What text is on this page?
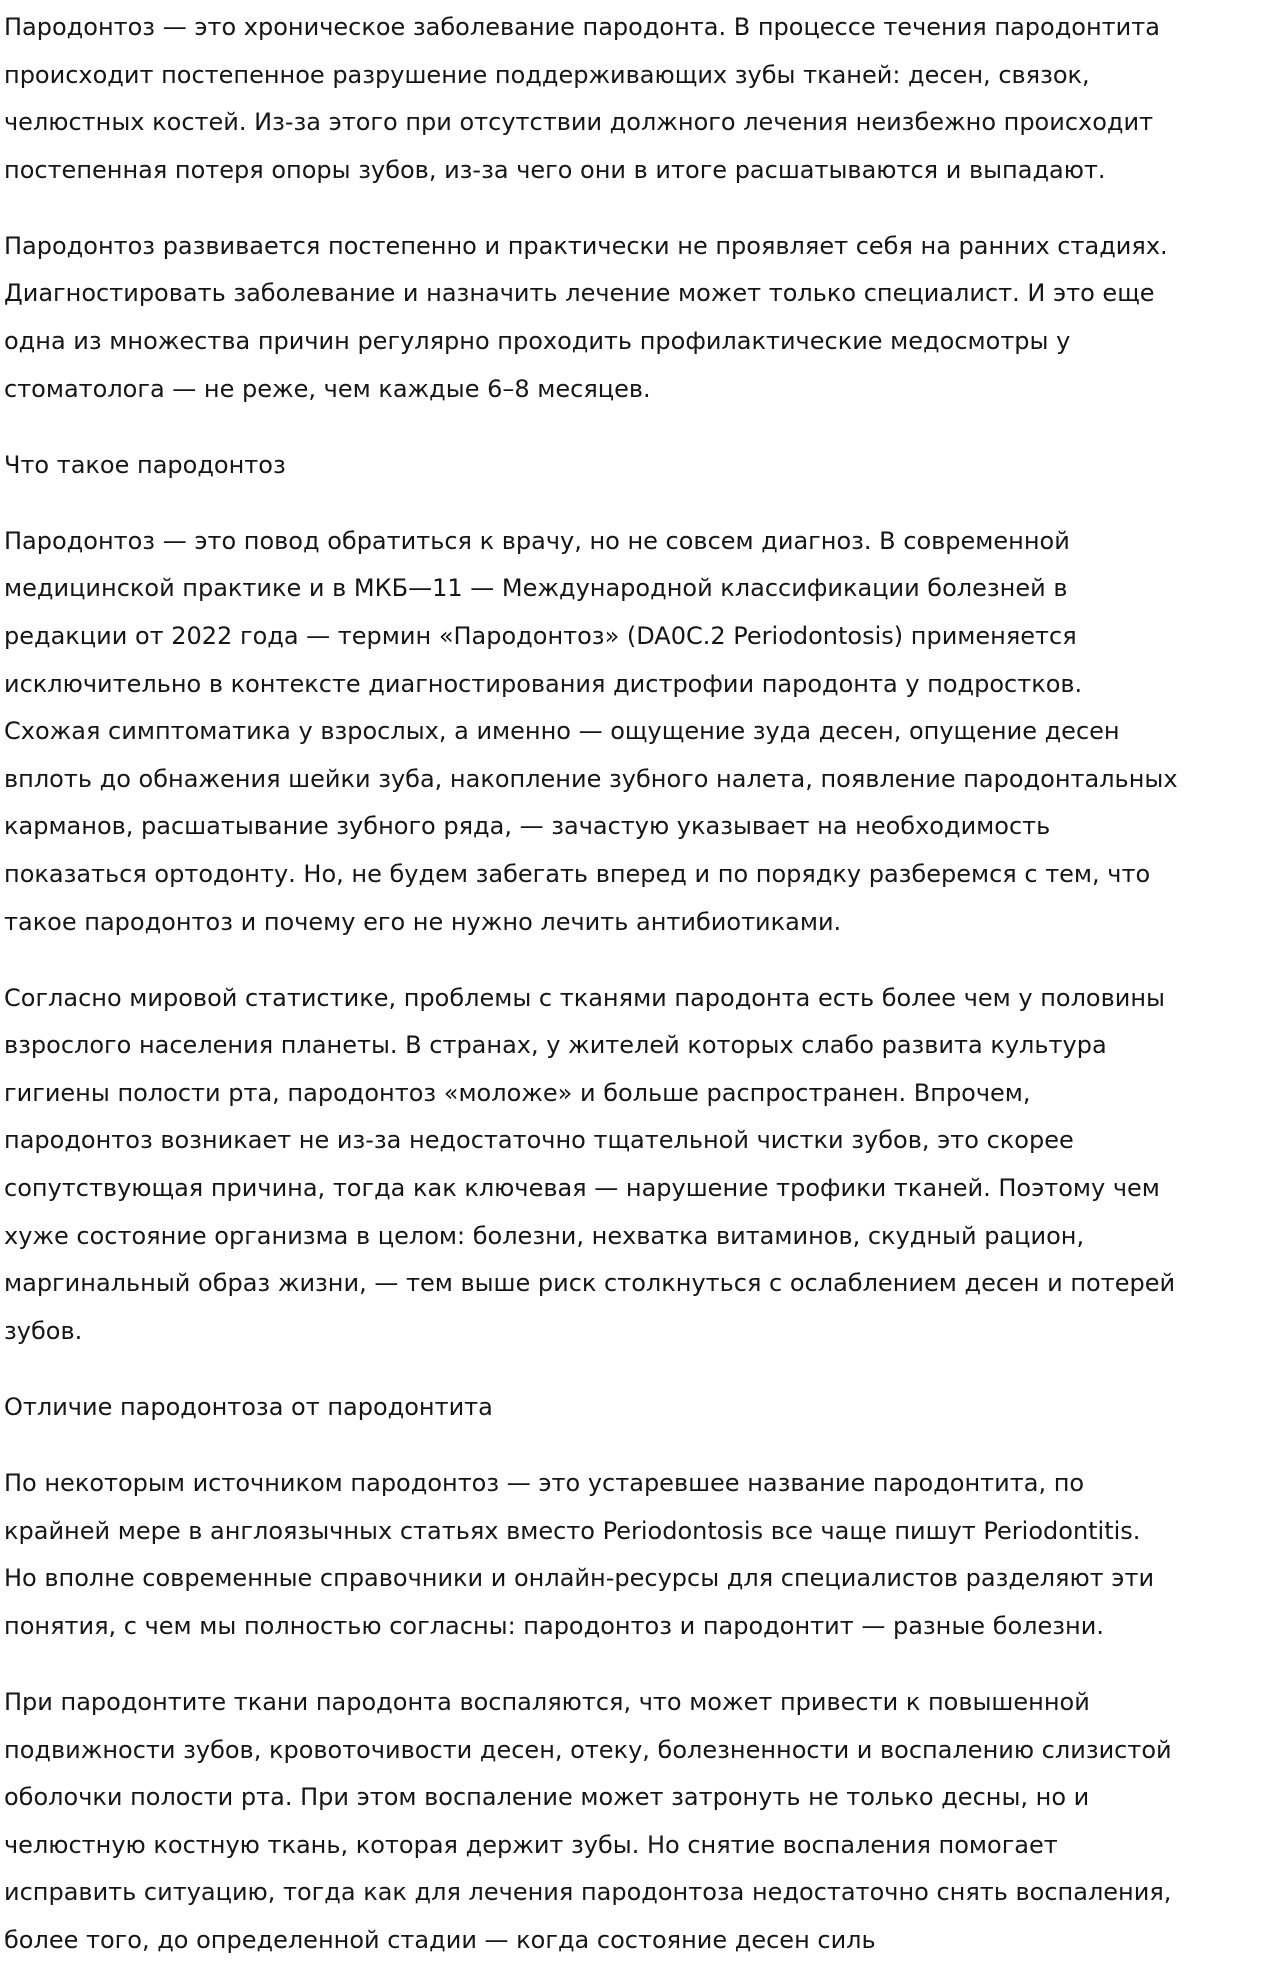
Пародонтоз — это хроническое заболевание пародонта. В процессе течения пародонтита
происходит постепенное разрушение поддерживающих зубы тканей: десен, связок,
челюстных костей. Из-за этого при отсутствии должного лечения неизбежно происходит
постепенная потеря опоры зубов, из-за чего они в итоге расшатываются и выпадают.
Пародонтоз развивается постепенно и практически не проявляет себя на ранних стадиях.
Диагностировать заболевание и назначить лечение может только специалист. И это еще
одна из множества причин регулярно проходить профилактические медосмотры у
стоматолога — не реже, чем каждые 6–8 месяцев.
Что такое пародонтоз
Пародонтоз — это повод обратиться к врачу, но не совсем диагноз. В современной
медицинской практике и в МКБ—11 — Международной классификации болезней в
редакции от 2022 года — термин «Пародонтоз» (DA0C.2 Periodontosis) применяется
исключительно в контексте диагностирования дистрофии пародонта у подростков.
Схожая симптоматика у взрослых, а именно — ощущение зуда десен, опущение десен
вплоть до обнажения шейки зуба, накопление зубного налета, появление пародонтальных
карманов, расшатывание зубного ряда, — зачастую указывает на необходимость
показаться ортодонту. Но, не будем забегать вперед и по порядку разберемся с тем, что
такое пародонтоз и почему его не нужно лечить антибиотиками.
Согласно мировой статистике, проблемы с тканями пародонта есть более чем у половины
взрослого населения планеты. В странах, у жителей которых слабо развита культура
гигиены полости рта, пародонтоз «моложе» и больше распространен. Впрочем,
пародонтоз возникает не из-за недостаточно тщательной чистки зубов, это скорее
сопутствующая причина, тогда как ключевая — нарушение трофики тканей. Поэтому чем
хуже состояние организма в целом: болезни, нехватка витаминов, скудный рацион,
маргинальный образ жизни, — тем выше риск столкнуться с ослаблением десен и потерей
зубов.
Отличие пародонтоза от пародонтита
По некоторым источником пародонтоз — это устаревшее название пародонтита, по
крайней мере в англоязычных статьях вместо Periodontosis все чаще пишут Periodontitis.
Но вполне современные справочники и онлайн-ресурсы для специалистов разделяют эти
понятия, с чем мы полностью согласны: пародонтоз и пародонтит — разные болезни.
При пародонтите ткани пародонта воспаляются, что может привести к повышенной
подвижности зубов, кровоточивости десен, отеку, болезненности и воспалению слизистой
оболочки полости рта. При этом воспаление может затронуть не только десны, но и
челюстную костную ткань, которая держит зубы. Но снятие воспаления помогает
исправить ситуацию, тогда как для лечения пародонтоза недостаточно снять воспаления,
более того, до определенной стадии — когда состояние десен силь
